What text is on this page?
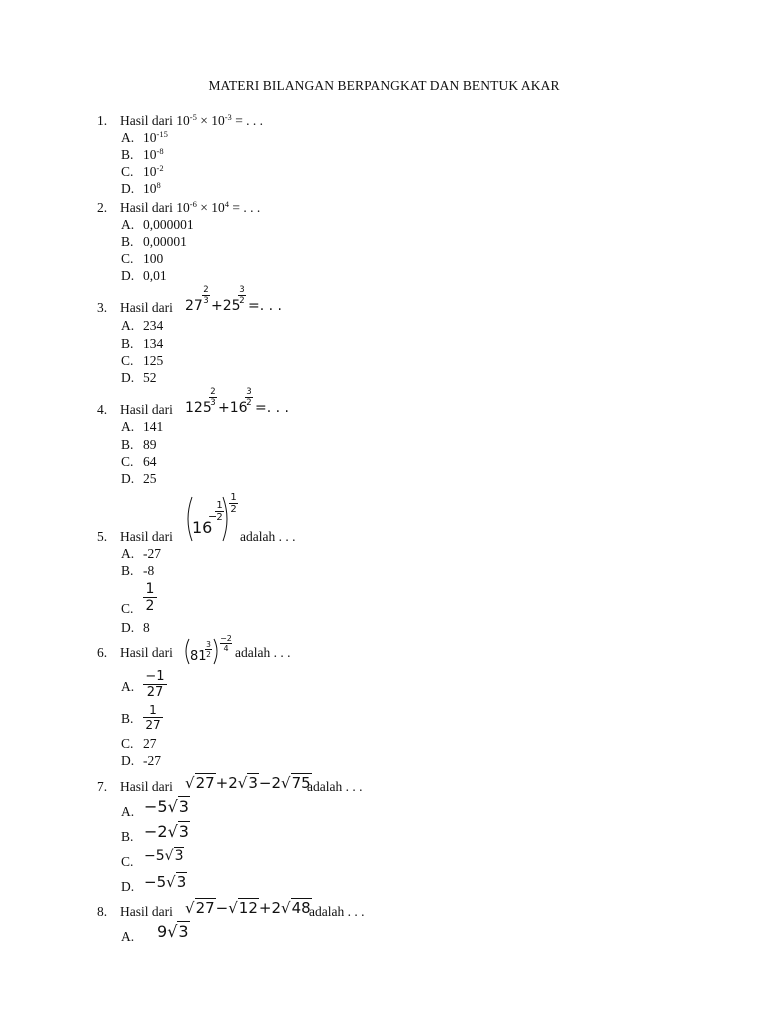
MATERI BILANGAN BERPANGKAT DAN BENTUK AKAR
1. Hasil dari $10^{-5} \times 10^{-3}$ = . . .
A. $10^{-15}$
B. $10^{-8}$
C. $10^{-2}$
D. $10^8$
2. Hasil dari $10^{-6} \times 10^4$ = . . .
A. 0,000001
B. 0,00001
C. 100
D. 0,01
3. Hasil dari $27 \frac{2}{3} +25$
$\frac{3}{2}$ =. . .
A. 234
B. 134
C. 125
D. 52
4. Hasil dari 125
$\frac{2}{3} +16$
$\frac{3}{2}$ =. . .
A. 141
B. 89
C. 64
D. 25
5. Hasil dari 16
−
$\frac{1}{2} \frac{1}{2}$
adalah . . .
A. -27
B. -8
C. $\frac{1}{2}$
D. 8
6. Hasil dari 81
$\frac{3}{2} \frac{-2}{4}$ adalah . . .
A. $\frac{-1}{27}$
B. $\frac{1}{27}$
C. 27
D. -27
7. Hasil dari √27+2√3−2√75
adalah . . .
A. −5√3
B. −2√3
C. −5√3
D. −5√3
8. Hasil dari √27−√12+2√48
adalah . . .
A.	9√3
